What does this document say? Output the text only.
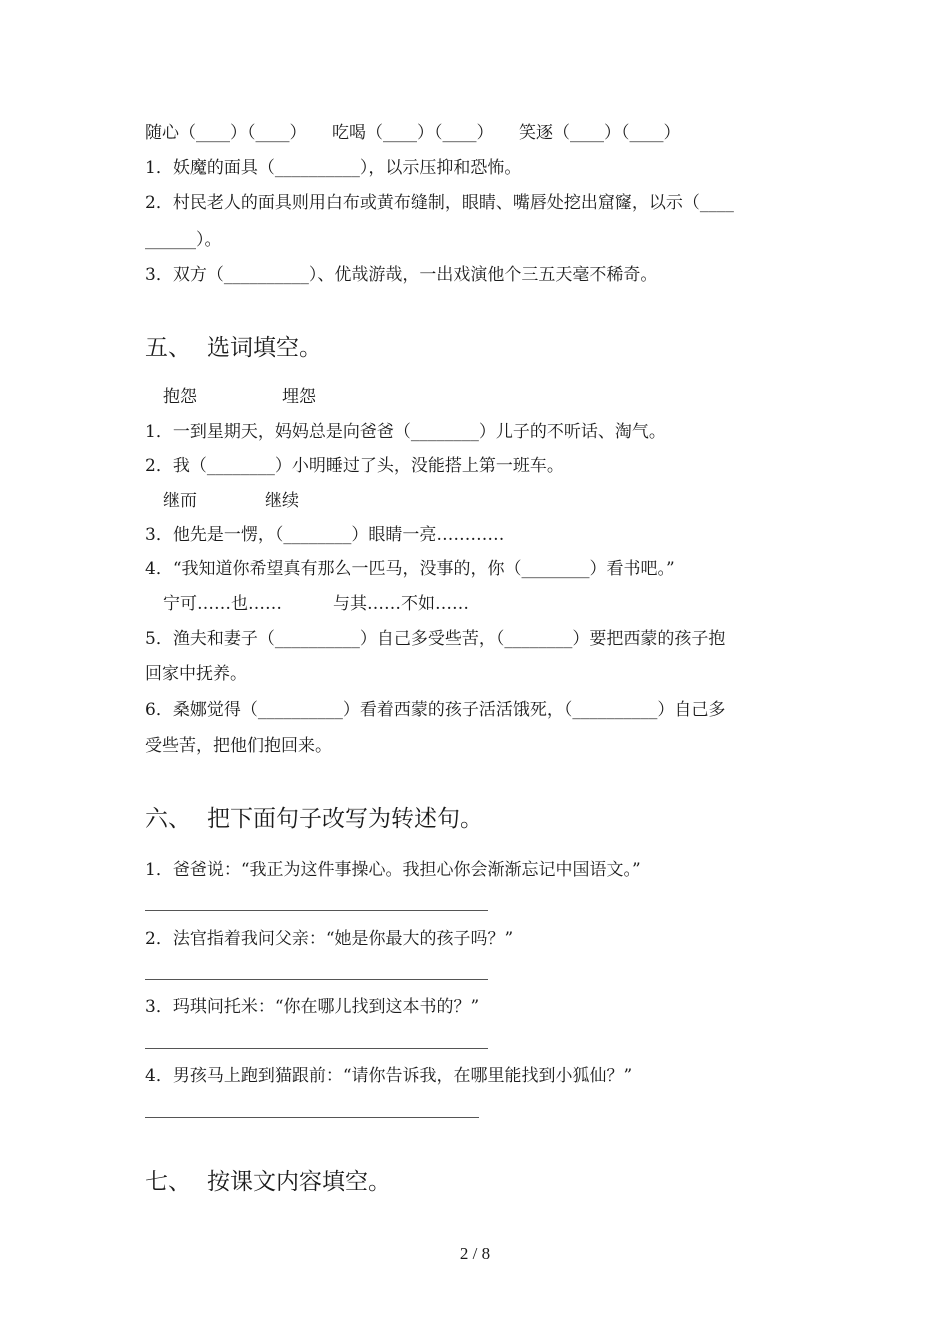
随心（____）（____）　　吃喝（____）（____）　　笑逐（____）（____）
1．妖魔的面具（__________），以示压抑和恐怖。
2．村民老人的面具则用白布或黄布缝制，眼睛、嘴唇处挖出窟窿，以示（____
______）。
3．双方（__________）、优哉游哉，一出戏演他个三五天毫不稀奇。
五、 选词填空。
抱怨　　　　　埋怨
1．一到星期天，妈妈总是向爸爸（________）儿子的不听话、淘气。
2．我（________）小明睡过了头，没能搭上第一班车。
继而　　　　继续
3．他先是一愣，（________）眼睛一亮…………
4．“我知道你希望真有那么一匹马，没事的，你（________）看书吧。”
宁可……也……　　　与其……不如……
5．渔夫和妻子（__________）自己多受些苦，（________）要把西蒙的孩子抱
回家中抚养。
6．桑娜觉得（__________）看着西蒙的孩子活活饿死，（__________）自己多
受些苦，把他们抱回来。
六、 把下面句子改写为转述句。
1．爸爸说：“我正为这件事操心。我担心你会渐渐忘记中国语文。”
2．法官指着我问父亲：“她是你最大的孩子吗？”
3．玛琪问托米：“你在哪儿找到这本书的？”
4．男孩马上跑到猫跟前：“请你告诉我，在哪里能找到小狐仙？”
七、 按课文内容填空。
2 / 8
